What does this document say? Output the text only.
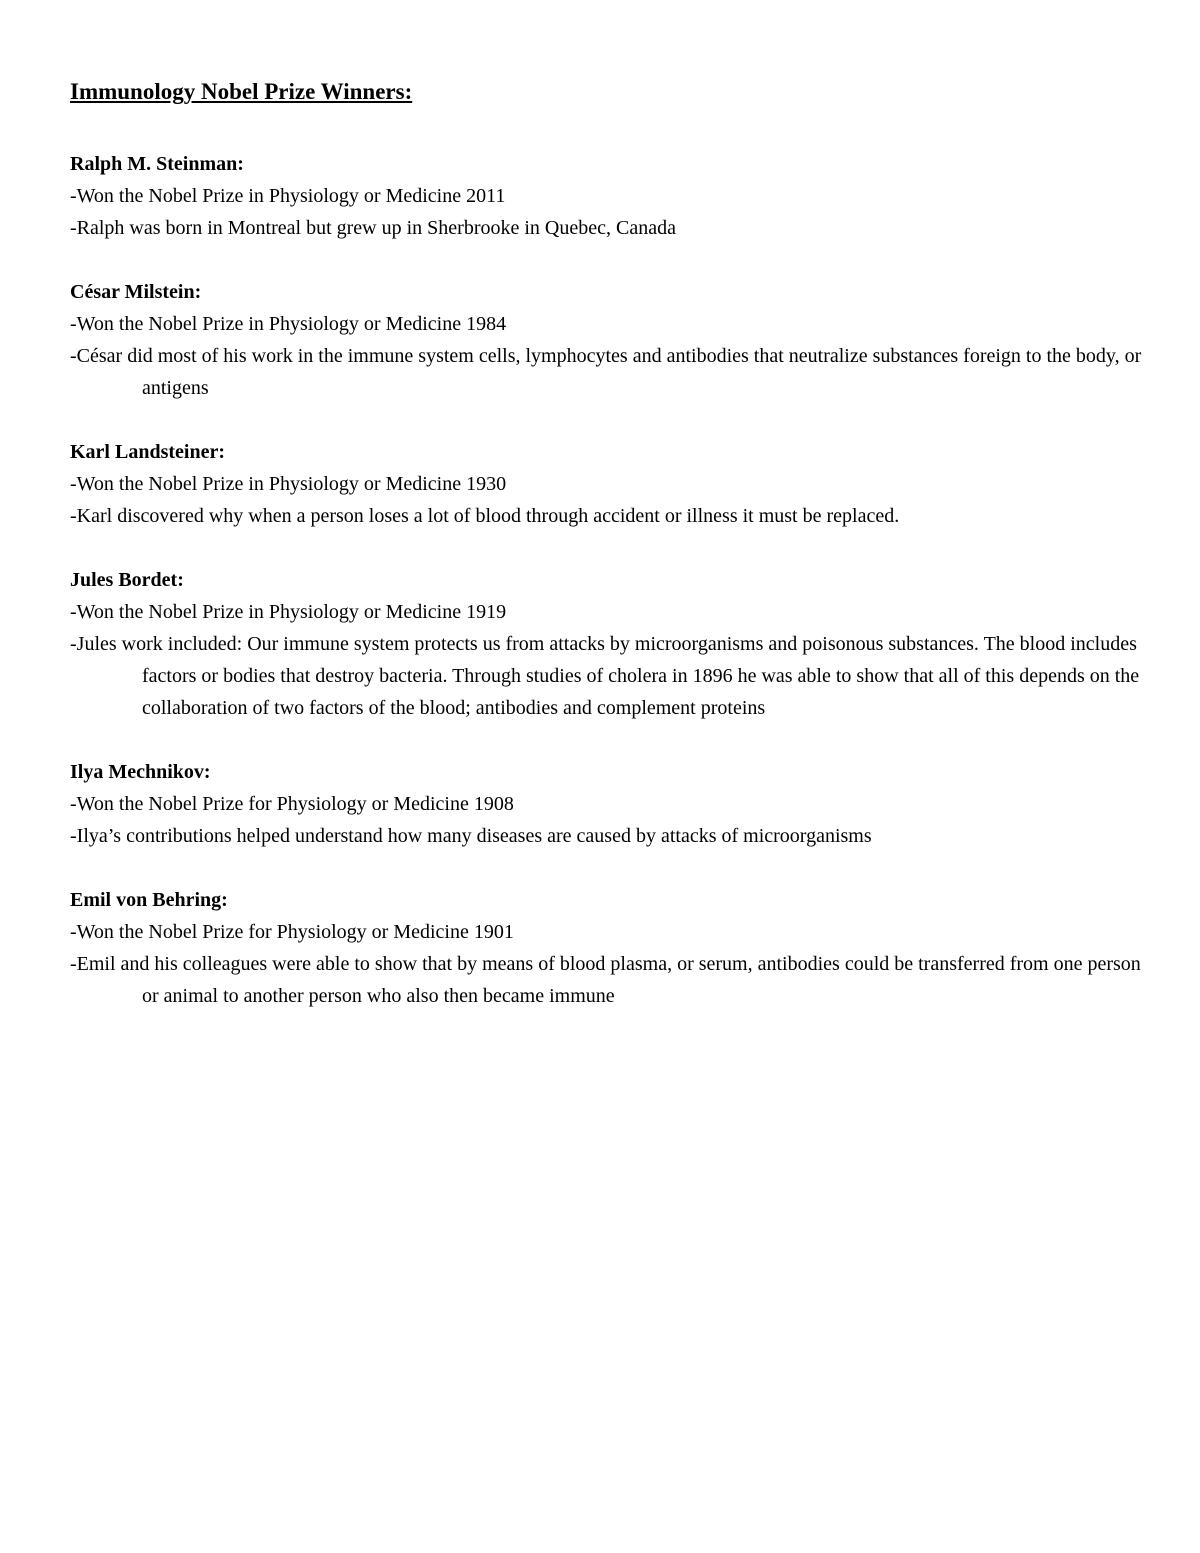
Immunology Nobel Prize Winners:

Ralph M. Steinman:

-Won the Nobel Prize in Physiology or Medicine 2011

-Ralph was born in Montreal but grew up in Sherbrooke in Quebec, Canada

César Milstein:

-Won the Nobel Prize in Physiology or Medicine 1984

-César did most of his work in the immune system cells, lymphocytes and antibodies that neutralize substances foreign to the body, or antigens

Karl Landsteiner:

-Won the Nobel Prize in Physiology or Medicine 1930

-Karl discovered why when a person loses a lot of blood through accident or illness it must be replaced.

Jules Bordet:

-Won the Nobel Prize in Physiology or Medicine 1919

-Jules work included: Our immune system protects us from attacks by microorganisms and poisonous substances. The blood includes factors or bodies that destroy bacteria. Through studies of cholera in 1896 he was able to show that all of this depends on the collaboration of two factors of the blood; antibodies and complement proteins

Ilya Mechnikov:

-Won the Nobel Prize for Physiology or Medicine 1908

-Ilya’s contributions helped understand how many diseases are caused by attacks of microorganisms

Emil von Behring:

-Won the Nobel Prize for Physiology or Medicine 1901

-Emil and his colleagues were able to show that by means of blood plasma, or serum, antibodies could be transferred from one person or animal to another person who also then became immune
